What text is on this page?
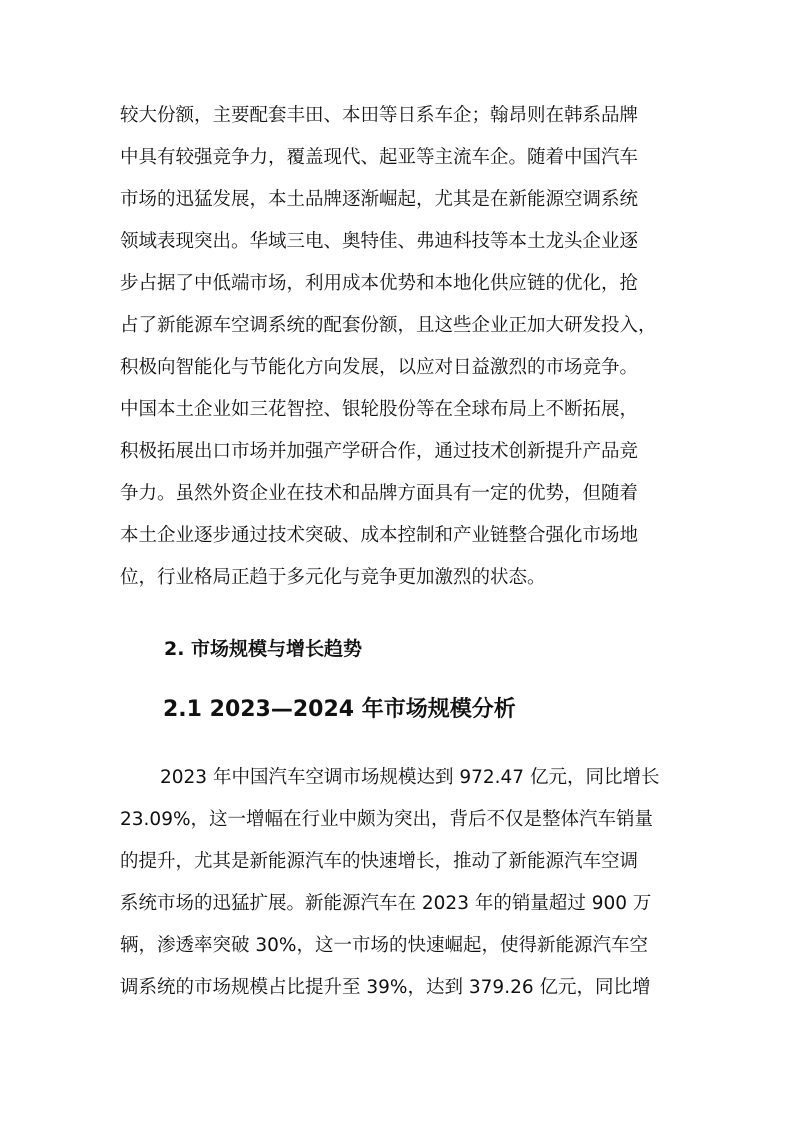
较大份额，主要配套丰田、本田等日系车企；翰昂则在韩系品牌
中具有较强竞争力，覆盖现代、起亚等主流车企。随着中国汽车
市场的迅猛发展，本土品牌逐渐崛起，尤其是在新能源空调系统
领域表现突出。华域三电、奥特佳、弗迪科技等本土龙头企业逐
步占据了中低端市场，利用成本优势和本地化供应链的优化，抢
占了新能源车空调系统的配套份额，且这些企业正加大研发投入，
积极向智能化与节能化方向发展，以应对日益激烈的市场竞争。
中国本土企业如三花智控、银轮股份等在全球布局上不断拓展，
积极拓展出口市场并加强产学研合作，通过技术创新提升产品竞
争力。虽然外资企业在技术和品牌方面具有一定的优势，但随着
本土企业逐步通过技术突破、成本控制和产业链整合强化市场地
位，行业格局正趋于多元化与竞争更加激烈的状态。
2. 市场规模与增长趋势
2.1 2023—2024 年市场规模分析
2023 年中国汽车空调市场规模达到 972.47 亿元，同比增长
23.09%，这一增幅在行业中颇为突出，背后不仅是整体汽车销量
的提升，尤其是新能源汽车的快速增长，推动了新能源汽车空调
系统市场的迅猛扩展。新能源汽车在 2023 年的销量超过 900 万
辆，渗透率突破 30%，这一市场的快速崛起，使得新能源汽车空
调系统的市场规模占比提升至 39%，达到 379.26 亿元，同比增
